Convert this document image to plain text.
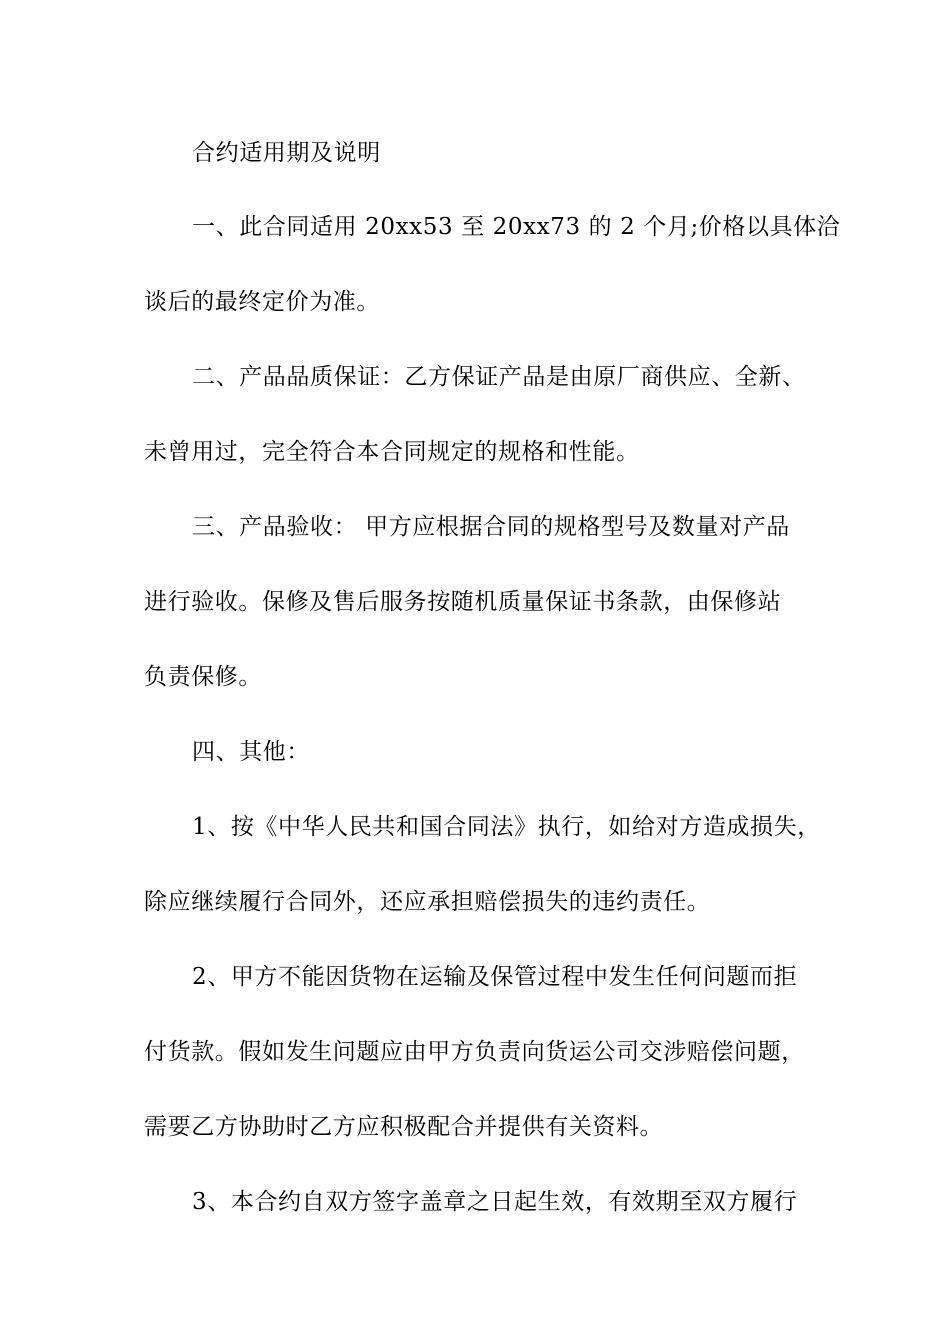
合约适用期及说明
一、此合同适用 20xx53 至 20xx73 的 2 个月;价格以具体洽
谈后的最终定价为准。
二、产品品质保证：乙方保证产品是由原厂商供应、全新、
未曾用过，完全符合本合同规定的规格和性能。
三、产品验收： 甲方应根据合同的规格型号及数量对产品
进行验收。保修及售后服务按随机质量保证书条款，由保修站
负责保修。
四、其他：
1、按《中华人民共和国合同法》执行，如给对方造成损失，
除应继续履行合同外，还应承担赔偿损失的违约责任。
2、甲方不能因货物在运输及保管过程中发生任何问题而拒
付货款。假如发生问题应由甲方负责向货运公司交涉赔偿问题，
需要乙方协助时乙方应积极配合并提供有关资料。
3、本合约自双方签字盖章之日起生效，有效期至双方履行
